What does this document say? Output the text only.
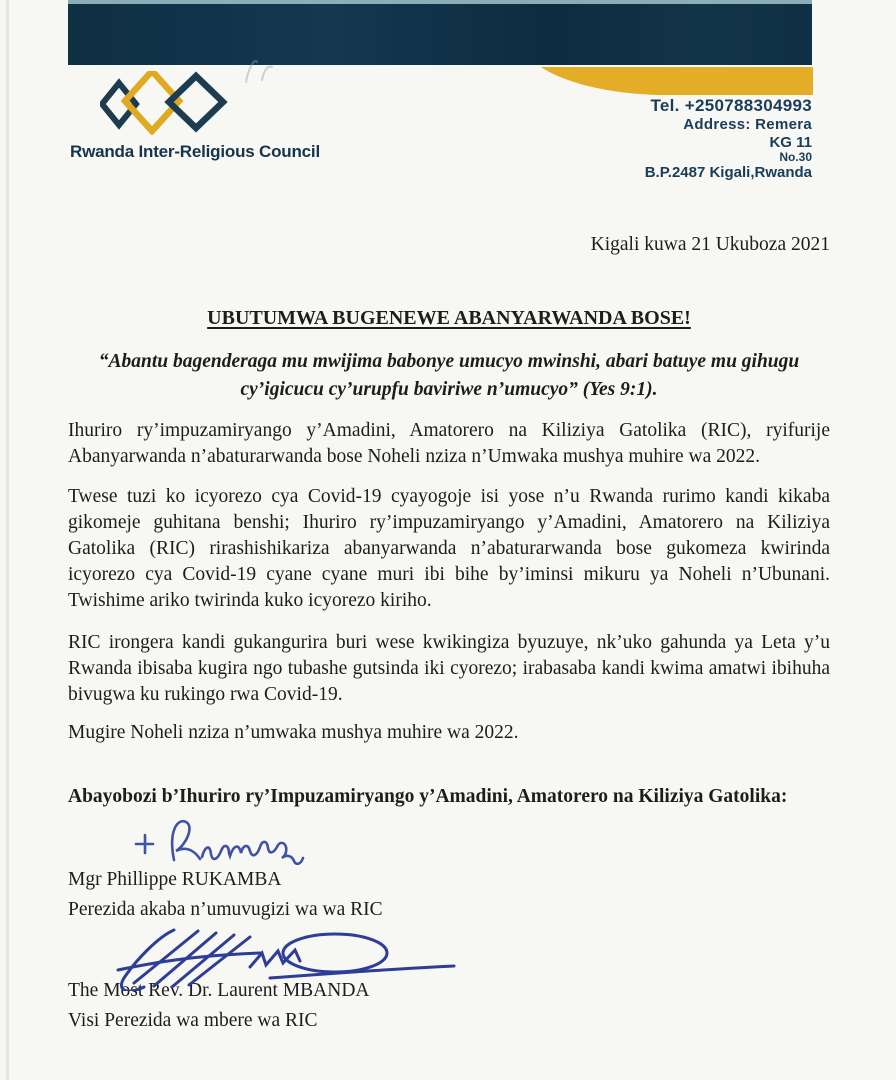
Rwanda Inter-Religious Council
Tel. +250788304993
Address: Remera
KG 11
No.30
B.P.2487 Kigali,Rwanda

Kigali kuwa 21 Ukuboza 2021

UBUTUMWA BUGENEWE ABANYARWANDA BOSE!

“Abantu bagenderaga mu mwijima babonye umucyo mwinshi, abari batuye mu gihugu cy’igicucu cy’urupfu baviriwe n’umucyo” (Yes 9:1).

Ihuriro ry’impuzamiryango y’Amadini, Amatorero na Kiliziya Gatolika (RIC), ryifurije Abanyarwanda n’abaturarwanda bose Noheli nziza n’Umwaka mushya muhire wa 2022.

Twese tuzi ko icyorezo cya Covid-19 cyayogoje isi yose n’u Rwanda rurimo kandi kikaba gikomeje guhitana benshi; Ihuriro ry’impuzamiryango y’Amadini, Amatorero na Kiliziya Gatolika (RIC) rirashishikariza abanyarwanda n’abaturarwanda bose gukomeza kwirinda icyorezo cya Covid-19 cyane cyane muri ibi bihe by’iminsi mikuru ya Noheli n’Ubunani. Twishime ariko twirinda kuko icyorezo kiriho.

RIC irongera kandi gukangurira buri wese kwikingiza byuzuye, nk’uko gahunda ya Leta y’u Rwanda ibisaba kugira ngo tubashe gutsinda iki cyorezo; irabasaba kandi kwima amatwi ibihuha bivugwa ku rukingo rwa Covid-19.

Mugire Noheli nziza n’umwaka mushya muhire wa 2022.

Abayobozi b’Ihuriro ry’Impuzamiryango y’Amadini, Amatorero na Kiliziya Gatolika:

Mgr Phillippe RUKAMBA

Perezida akaba n’umuvugizi wa wa RIC

The Most Rev. Dr. Laurent MBANDA

Visi Perezida wa mbere wa RIC
